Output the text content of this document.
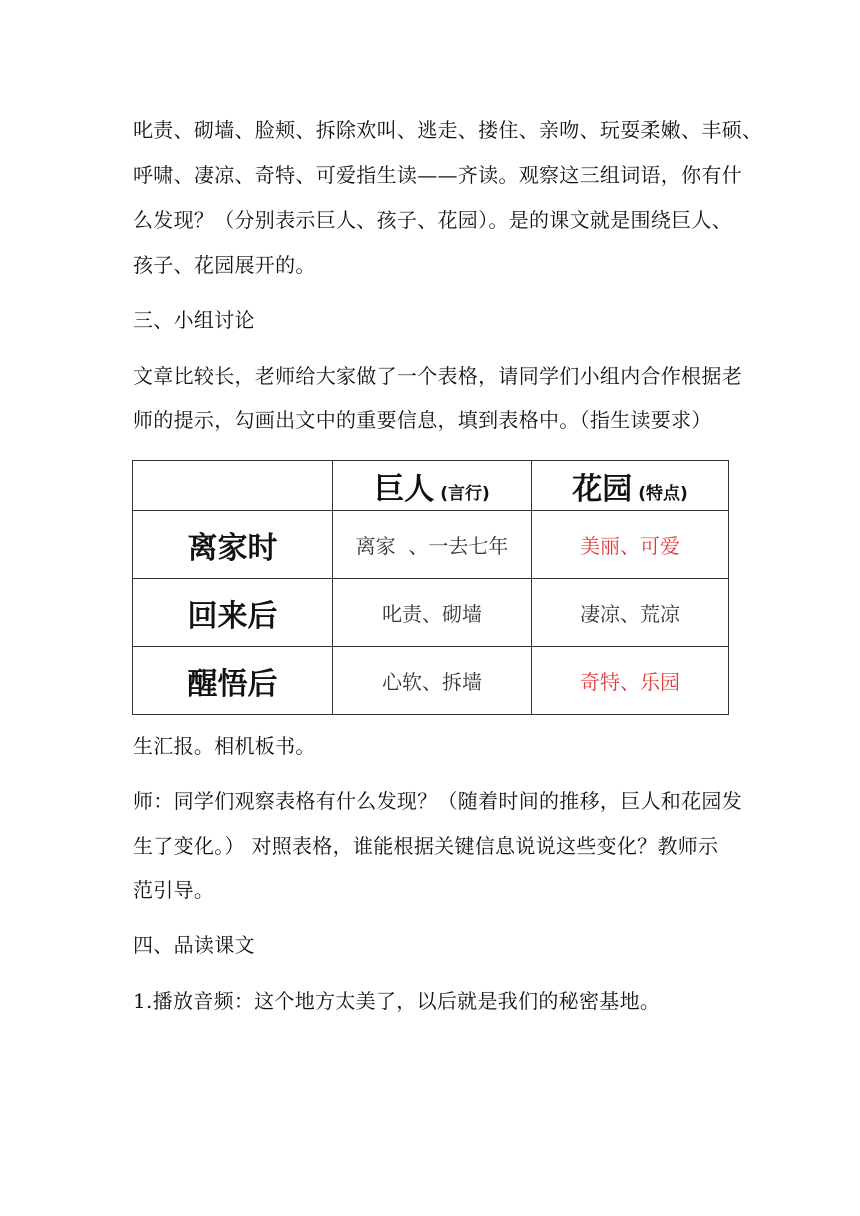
叱责、砌墙、脸颊、拆除欢叫、逃走、搂住、亲吻、玩耍柔嫩、丰硕、
呼啸、凄凉、奇特、可爱指生读——齐读。观察这三组词语，你有什
么发现？（分别表示巨人、孩子、花园）。是的课文就是围绕巨人、
孩子、花园展开的。
三、小组讨论
文章比较长，老师给大家做了一个表格，请同学们小组内合作根据老
师的提示，勾画出文中的重要信息，填到表格中。（指生读要求）
	巨人 (言行)	花园 (特点)
离家时	离家  、一去七年	美丽、可爱
回来后	叱责、砌墙	凄凉、荒凉
醒悟后	心软、拆墙	奇特、乐园
生汇报。相机板书。
师：同学们观察表格有什么发现？（随着时间的推移，巨人和花园发
生了变化。） 对照表格，谁能根据关键信息说说这些变化？教师示
范引导。
四、品读课文
1.播放音频：这个地方太美了，以后就是我们的秘密基地。
